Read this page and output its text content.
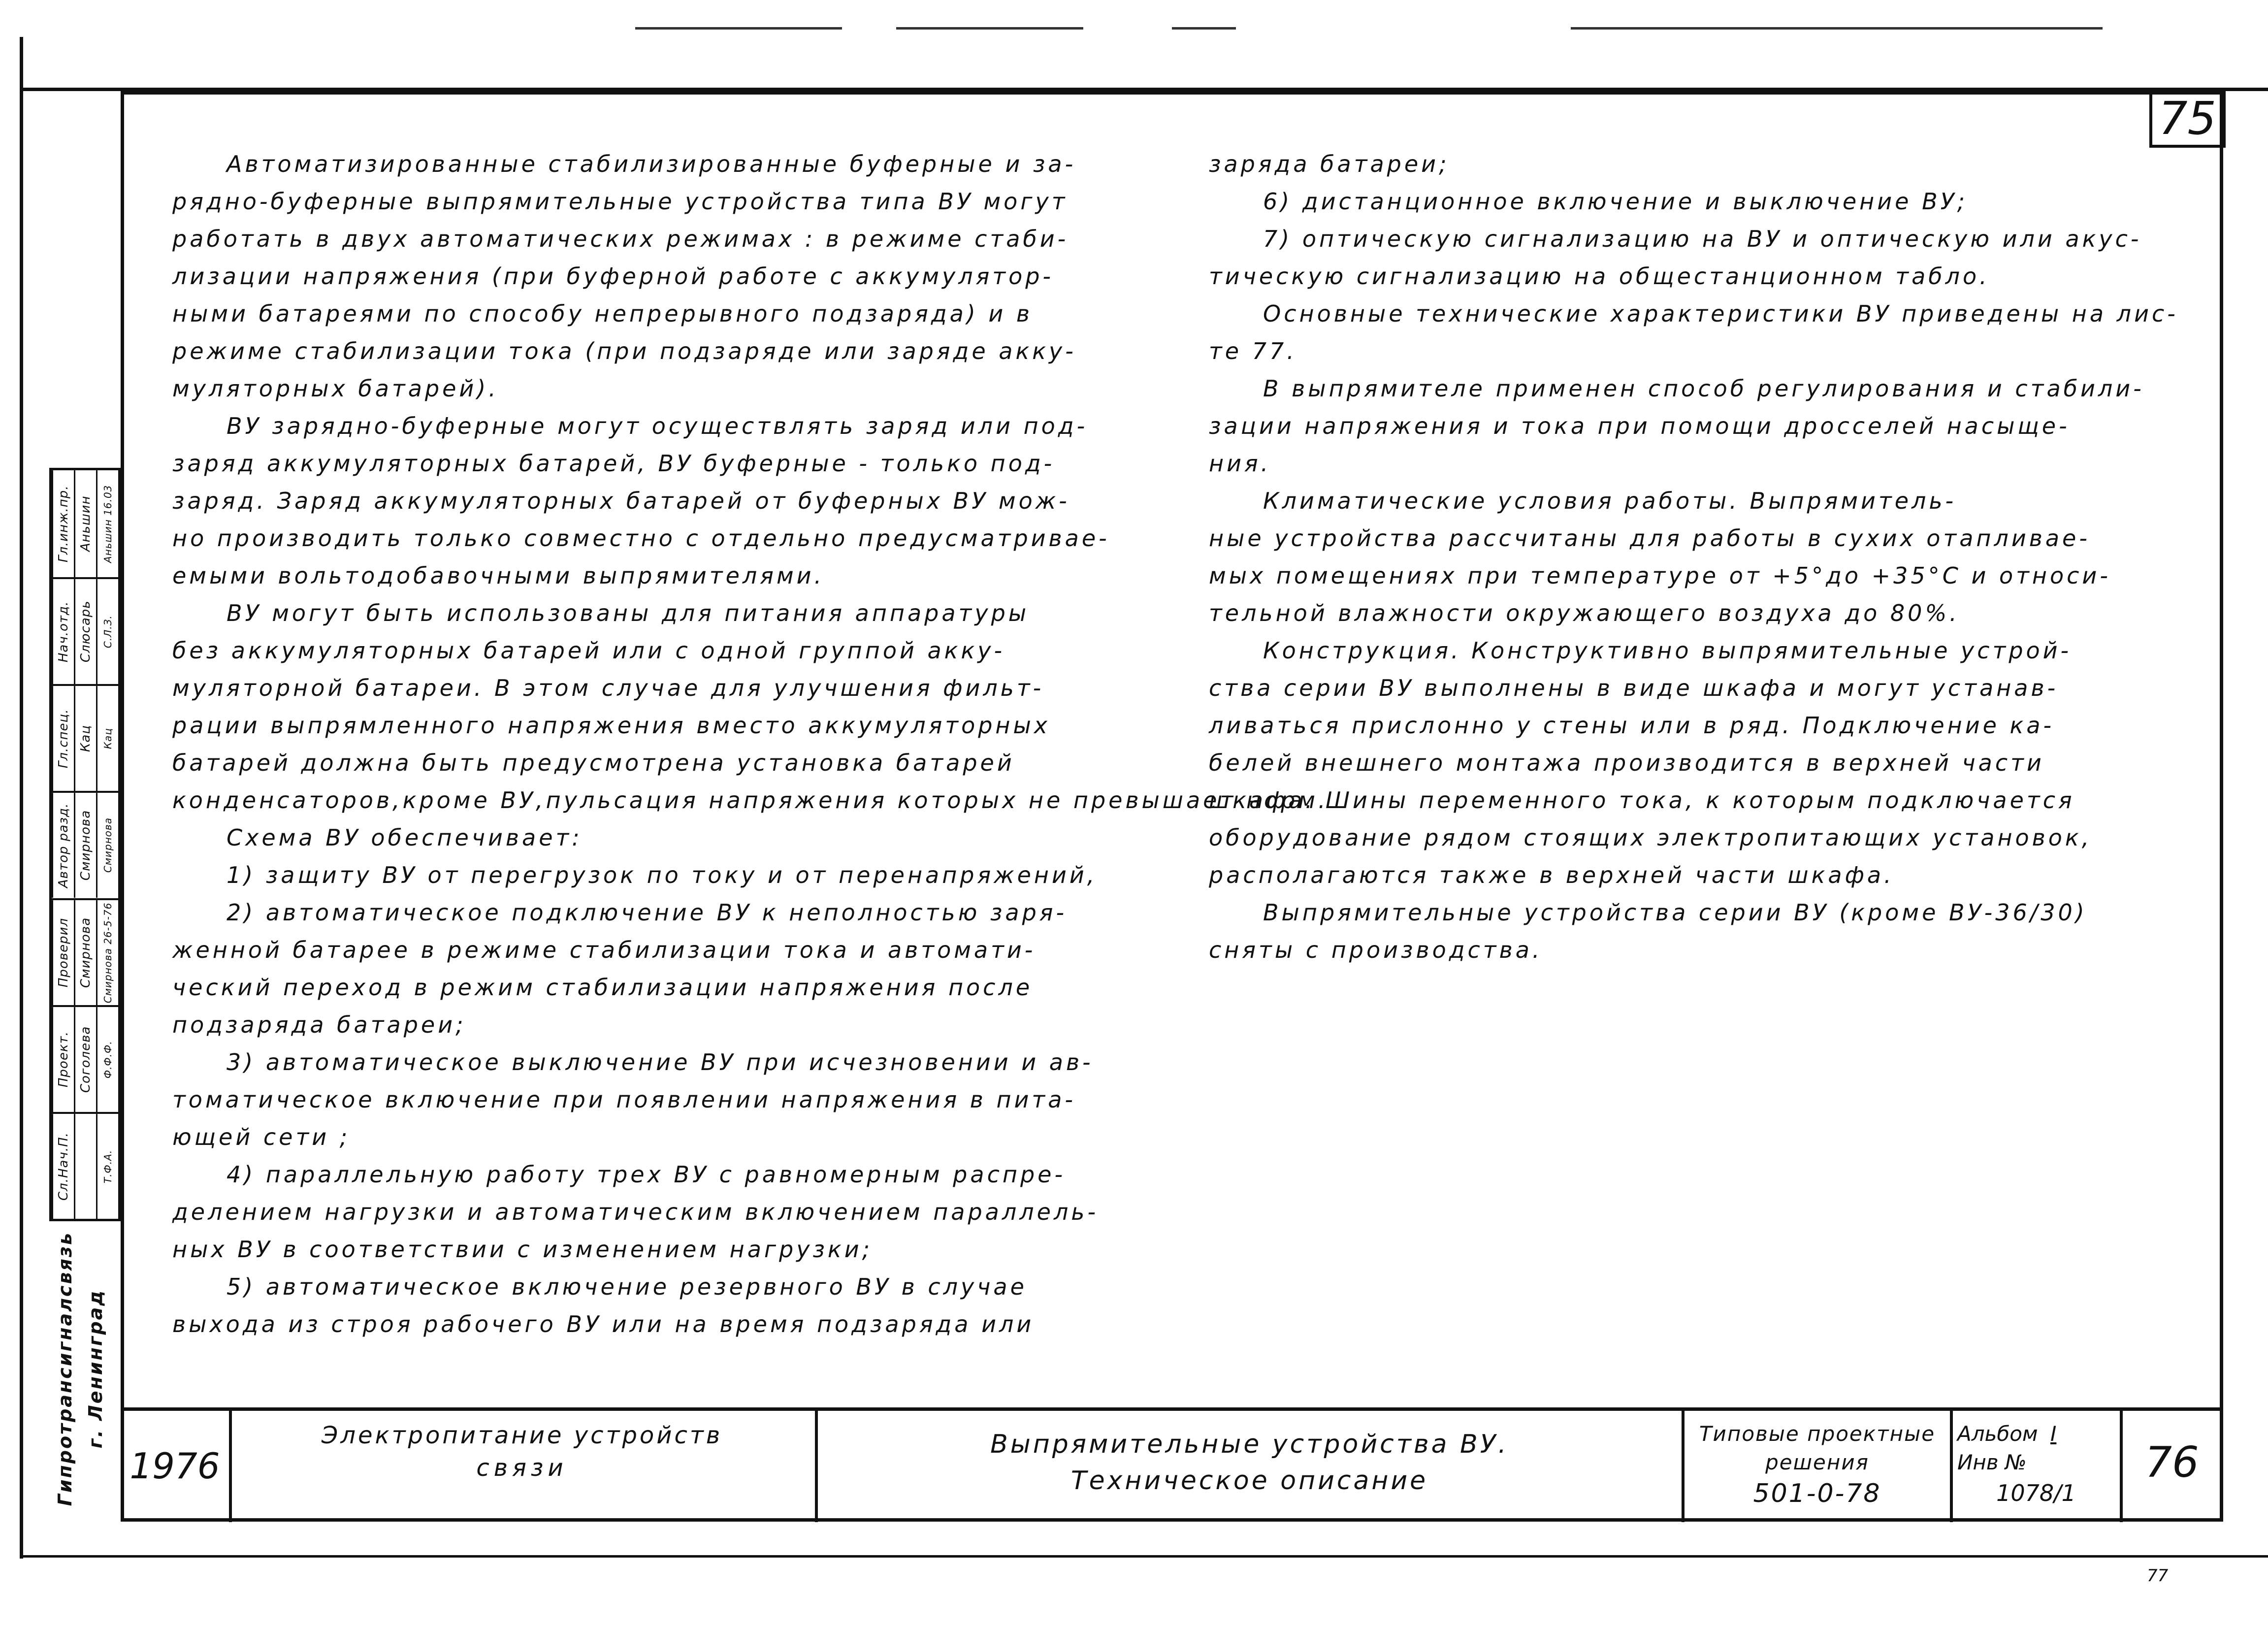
75
Автоматизированные стабилизированные буферные и за-
рядно-буферные выпрямительные устройства типа ВУ могут
работать в двух автоматических режимах : в режиме стаби-
лизации напряжения (при буферной работе с аккумулятор-
ными батареями по способу непрерывного подзаряда) и в
режиме стабилизации тока (при подзаряде или заряде акку-
муляторных батарей).
ВУ зарядно-буферные могут осуществлять заряд или под-
заряд аккумуляторных батарей, ВУ буферные - только под-
заряд. Заряд аккумуляторных батарей от буферных ВУ мож-
но производить только совместно с отдельно предусматривае-
емыми вольтодобавочными выпрямителями.
ВУ могут быть использованы для питания аппаратуры
без аккумуляторных батарей или с одной группой акку-
муляторной батареи. В этом случае для улучшения фильт-
рации выпрямленного напряжения вместо аккумуляторных
батарей должна быть предусмотрена установка батарей
конденсаторов,кроме ВУ,пульсация напряжения которых не превышает норм.
Схема ВУ обеспечивает:
1) защиту ВУ от перегрузок по току и от перенапряжений,
2) автоматическое подключение ВУ к неполностью заря-
женной батарее в режиме стабилизации тока и автомати-
ческий переход в режим стабилизации напряжения после
подзаряда батареи;
3) автоматическое выключение ВУ при исчезновении и ав-
томатическое включение при появлении напряжения в пита-
ющей сети ;
4) параллельную работу трех ВУ с равномерным распре-
делением нагрузки и автоматическим включением параллель-
ных ВУ в соответствии с изменением нагрузки;
5) автоматическое включение резервного ВУ в случае
выхода из строя рабочего ВУ или на время подзаряда или
заряда батареи;
6) дистанционное включение и выключение ВУ;
7) оптическую сигнализацию на ВУ и оптическую или акус-
тическую сигнализацию на общестанционном табло.
Основные технические характеристики ВУ приведены на лис-
те 77.
В выпрямителе применен способ регулирования и стабили-
зации напряжения и тока при помощи дросселей насыще-
ния.
Климатические условия работы. Выпрямитель-
ные устройства рассчитаны для работы в сухих отапливае-
мых помещениях при температуре от +5°до +35°С и относи-
тельной влажности окружающего воздуха до 80%.
Конструкция. Конструктивно выпрямительные устрой-
ства серии ВУ выполнены в виде шкафа и могут устанав-
ливаться прислонно у стены или в ряд. Подключение ка-
белей внешнего монтажа производится в верхней части
шкафа. Шины переменного тока, к которым подключается
оборудование рядом стоящих электропитающих установок,
располагаются также в верхней части шкафа.
Выпрямительные устройства серии ВУ (кроме ВУ-36/30)
сняты с производства.
Сл.Нач.П.	Т.Ф.А.
Проект. Соголева Ф.Ф.Ф.
Проверил Смирнова Смирнова 26-5-76
Автор разд. Смирнова Смирнова
Гл.спец. Кац Кац
Нач.отд. Слюсарь С.Л.З.
Гл.инж.пр. Аньшин Аньшин 16.03
Гипротрансигналсвязь г. Ленинград
1976
Электропитание устройств
связи
Выпрямительные устройства ВУ.
Техническое описание
Типовые проектные
решения
501-0-78
Альбом I
Инв №
1078/1
76
77
